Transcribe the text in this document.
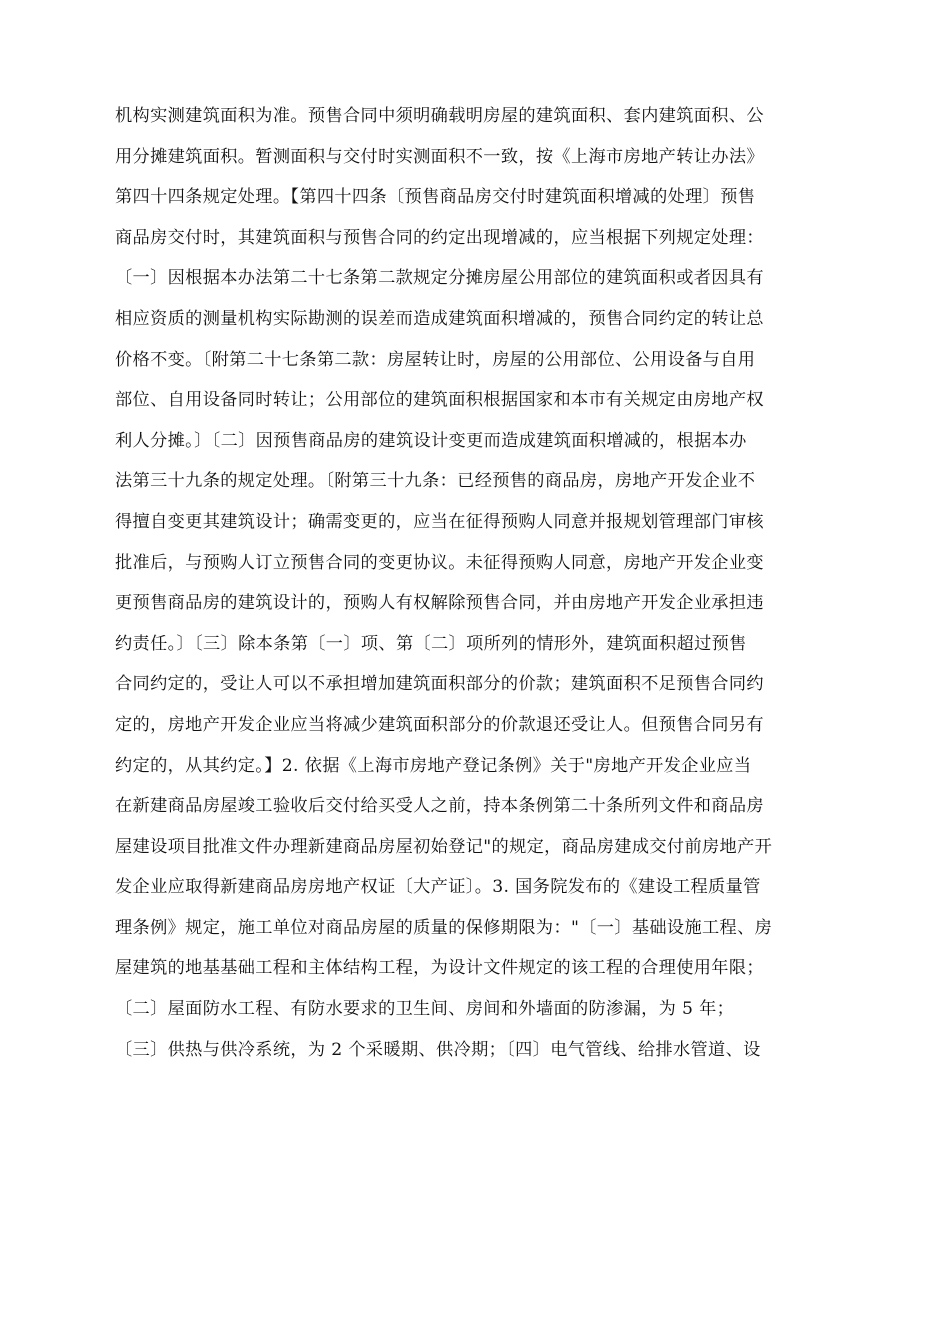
机构实测建筑面积为准。预售合同中须明确载明房屋的建筑面积、套内建筑面积、公
用分摊建筑面积。暂测面积与交付时实测面积不一致，按《上海市房地产转让办法》
第四十四条规定处理。【第四十四条〔预售商品房交付时建筑面积增减的处理〕预售
商品房交付时，其建筑面积与预售合同的约定出现增减的，应当根据下列规定处理：
〔一〕因根据本办法第二十七条第二款规定分摊房屋公用部位的建筑面积或者因具有
相应资质的测量机构实际勘测的误差而造成建筑面积增减的，预售合同约定的转让总
价格不变。〔附第二十七条第二款：房屋转让时，房屋的公用部位、公用设备与自用
部位、自用设备同时转让；公用部位的建筑面积根据国家和本市有关规定由房地产权
利人分摊。〕〔二〕因预售商品房的建筑设计变更而造成建筑面积增减的，根据本办
法第三十九条的规定处理。〔附第三十九条：已经预售的商品房，房地产开发企业不
得擅自变更其建筑设计；确需变更的，应当在征得预购人同意并报规划管理部门审核
批准后，与预购人订立预售合同的变更协议。未征得预购人同意，房地产开发企业变
更预售商品房的建筑设计的，预购人有权解除预售合同，并由房地产开发企业承担违
约责任。〕〔三〕除本条第〔一〕项、第〔二〕项所列的情形外，建筑面积超过预售
合同约定的，受让人可以不承担增加建筑面积部分的价款；建筑面积不足预售合同约
定的，房地产开发企业应当将减少建筑面积部分的价款退还受让人。但预售合同另有
约定的，从其约定。】2. 依据《上海市房地产登记条例》关于"房地产开发企业应当
在新建商品房屋竣工验收后交付给买受人之前，持本条例第二十条所列文件和商品房
屋建设项目批准文件办理新建商品房屋初始登记"的规定，商品房建成交付前房地产开
发企业应取得新建商品房房地产权证〔大产证〕。3. 国务院发布的《建设工程质量管
理条例》规定，施工单位对商品房屋的质量的保修期限为："〔一〕基础设施工程、房
屋建筑的地基基础工程和主体结构工程，为设计文件规定的该工程的合理使用年限；
〔二〕屋面防水工程、有防水要求的卫生间、房间和外墙面的防渗漏，为 5 年；
〔三〕供热与供冷系统，为 2 个采暖期、供冷期；〔四〕电气管线、给排水管道、设
